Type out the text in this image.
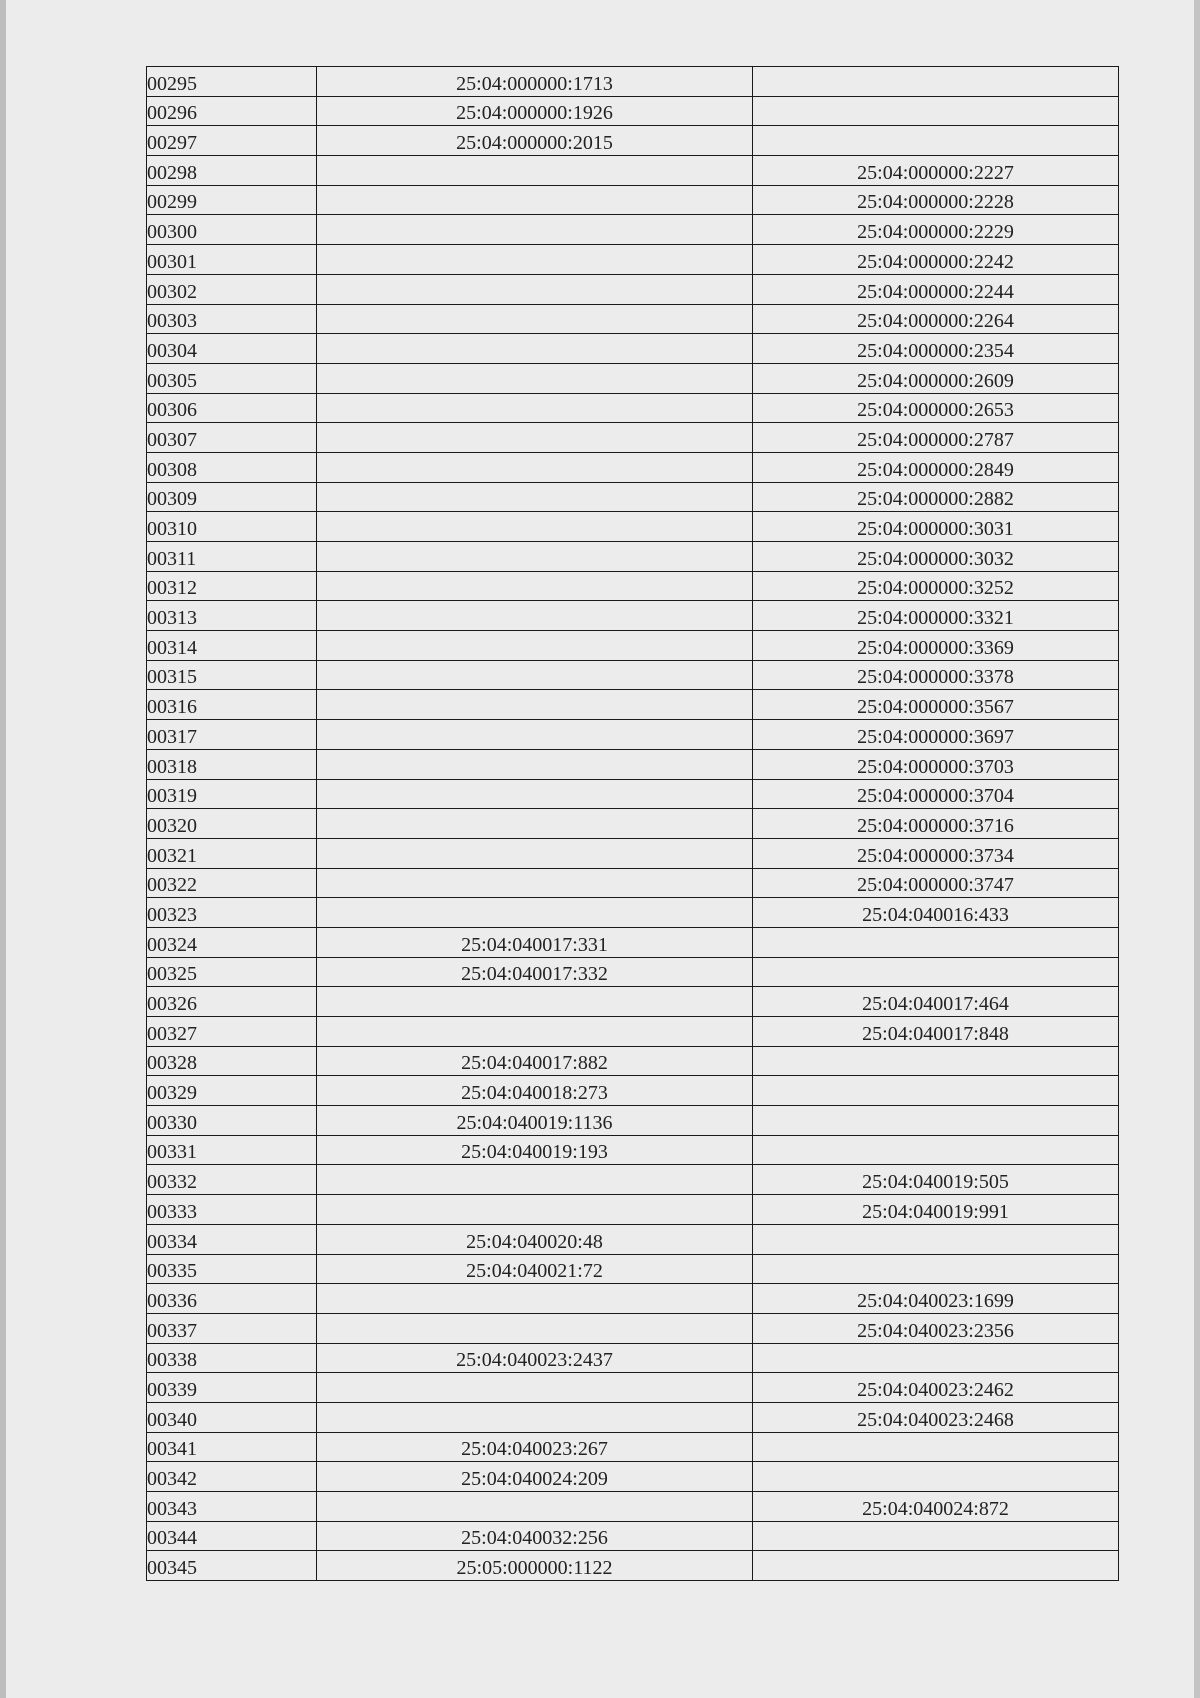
00295	25:04:000000:1713	
00296	25:04:000000:1926	
00297	25:04:000000:2015	
00298		25:04:000000:2227
00299		25:04:000000:2228
00300		25:04:000000:2229
00301		25:04:000000:2242
00302		25:04:000000:2244
00303		25:04:000000:2264
00304		25:04:000000:2354
00305		25:04:000000:2609
00306		25:04:000000:2653
00307		25:04:000000:2787
00308		25:04:000000:2849
00309		25:04:000000:2882
00310		25:04:000000:3031
00311		25:04:000000:3032
00312		25:04:000000:3252
00313		25:04:000000:3321
00314		25:04:000000:3369
00315		25:04:000000:3378
00316		25:04:000000:3567
00317		25:04:000000:3697
00318		25:04:000000:3703
00319		25:04:000000:3704
00320		25:04:000000:3716
00321		25:04:000000:3734
00322		25:04:000000:3747
00323		25:04:040016:433
00324	25:04:040017:331	
00325	25:04:040017:332	
00326		25:04:040017:464
00327		25:04:040017:848
00328	25:04:040017:882	
00329	25:04:040018:273	
00330	25:04:040019:1136	
00331	25:04:040019:193	
00332		25:04:040019:505
00333		25:04:040019:991
00334	25:04:040020:48	
00335	25:04:040021:72	
00336		25:04:040023:1699
00337		25:04:040023:2356
00338	25:04:040023:2437	
00339		25:04:040023:2462
00340		25:04:040023:2468
00341	25:04:040023:267	
00342	25:04:040024:209	
00343		25:04:040024:872
00344	25:04:040032:256	
00345	25:05:000000:1122	
